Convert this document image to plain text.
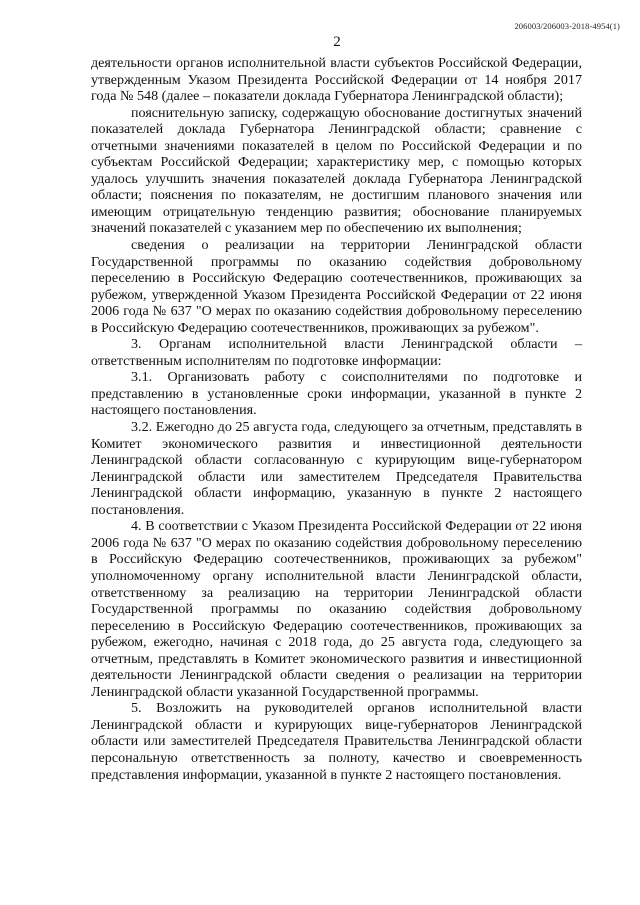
206003/206003-2018-4954(1)
2

деятельности органов исполнительной власти субъектов Российской Федерации, утвержденным Указом Президента Российской Федерации от 14 ноября 2017 года № 548 (далее – показатели доклада Губернатора Ленинградской области);

пояснительную записку, содержащую обоснование достигнутых значений показателей доклада Губернатора Ленинградской области; сравнение с отчетными значениями показателей в целом по Российской Федерации и по субъектам Российской Федерации; характеристику мер, с помощью которых удалось улучшить значения показателей доклада Губернатора Ленинградской области; пояснения по показателям, не достигшим планового значения или имеющим отрицательную тенденцию развития; обоснование планируемых значений показателей с указанием мер по обеспечению их выполнения;

сведения о реализации на территории Ленинградской области Государственной программы по оказанию содействия добровольному переселению в Российскую Федерацию соотечественников, проживающих за рубежом, утвержденной Указом Президента Российской Федерации от 22 июня 2006 года № 637 "О мерах по оказанию содействия добровольному переселению в Российскую Федерацию соотечественников, проживающих за рубежом".

3. Органам исполнительной власти Ленинградской области – ответственным исполнителям по подготовке информации:

3.1. Организовать работу с соисполнителями по подготовке и представлению в установленные сроки информации, указанной в пункте 2 настоящего постановления.

3.2. Ежегодно до 25 августа года, следующего за отчетным, представлять в Комитет экономического развития и инвестиционной деятельности Ленинградской области согласованную с курирующим вице-губернатором Ленинградской области или заместителем Председателя Правительства Ленинградской области информацию, указанную в пункте 2 настоящего постановления.

4. В соответствии с Указом Президента Российской Федерации от 22 июня 2006 года № 637 "О мерах по оказанию содействия добровольному переселению в Российскую Федерацию соотечественников, проживающих за рубежом" уполномоченному органу исполнительной власти Ленинградской области, ответственному за реализацию на территории Ленинградской области Государственной программы по оказанию содействия добровольному переселению в Российскую Федерацию соотечественников, проживающих за рубежом, ежегодно, начиная с 2018 года, до 25 августа года, следующего за отчетным, представлять в Комитет экономического развития и инвестиционной деятельности Ленинградской области сведения о реализации на территории Ленинградской области указанной Государственной программы.

5. Возложить на руководителей органов исполнительной власти Ленинградской области и курирующих вице-губернаторов Ленинградской области или заместителей Председателя Правительства Ленинградской области персональную ответственность за полноту, качество и своевременность представления информации, указанной в пункте 2 настоящего постановления.
